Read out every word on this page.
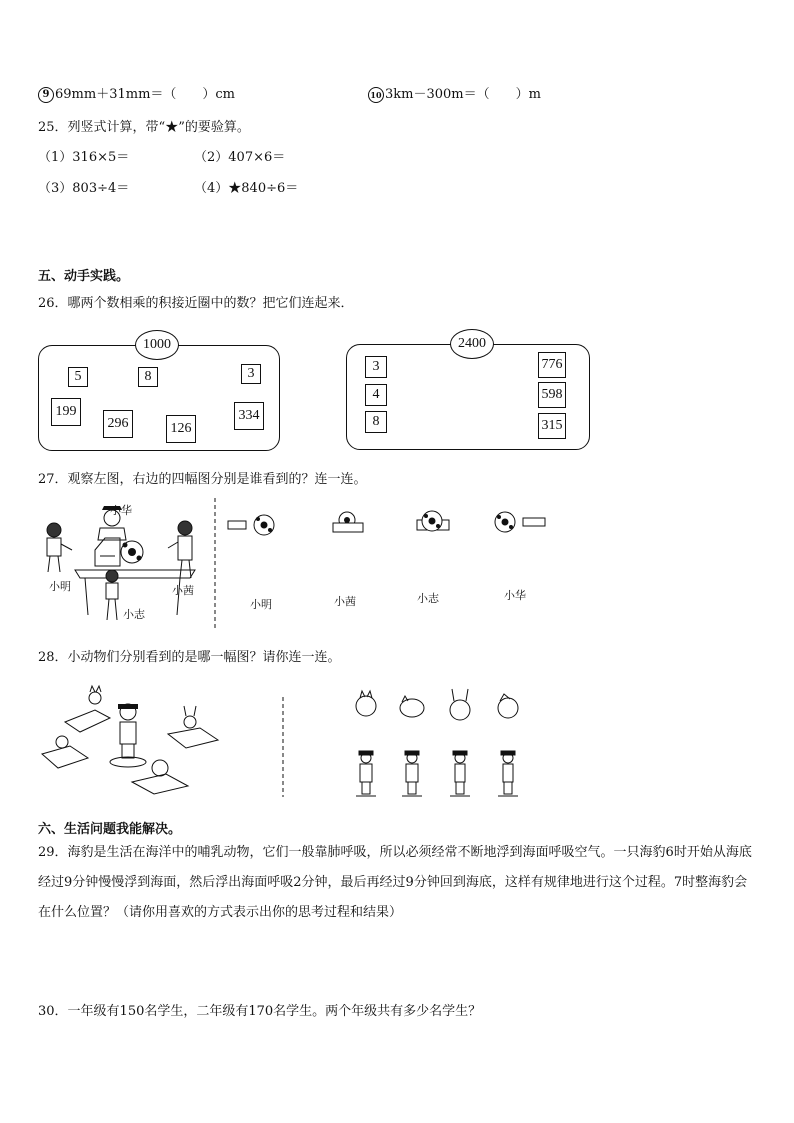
9 69mm＋31mm＝（　　）cm	10 3km－300m＝（　　）m
25．列竖式计算，带“★”的要验算。
（1）316×5＝	（2）407×6＝
（3）803÷4＝	（4）★840÷6＝
五、动手实践。
26．哪两个数相乘的积接近圈中的数？把它们连起来．
1000
5	8	3
199
296	126
334
2400
3
4
8
776
598
315
27．观察左图，右边的四幅图分别是谁看到的？连一连。
小华
小明	小茜
小志
小明	小茜	小志	小华
28．小动物们分别看到的是哪一幅图？请你连一连。
六、生活问题我能解决。
29．海豹是生活在海洋中的哺乳动物，它们一般靠肺呼吸，所以必须经常不断地浮到海面呼吸空气。一只海豹6时开始从海底经过9分钟慢慢浮到海面，然后浮出海面呼吸2分钟，最后再经过9分钟回到海底，这样有规律地进行这个过程。7时整海豹会在什么位置？（请你用喜欢的方式表示出你的思考过程和结果）
30．一年级有150名学生，二年级有170名学生。两个年级共有多少名学生？
